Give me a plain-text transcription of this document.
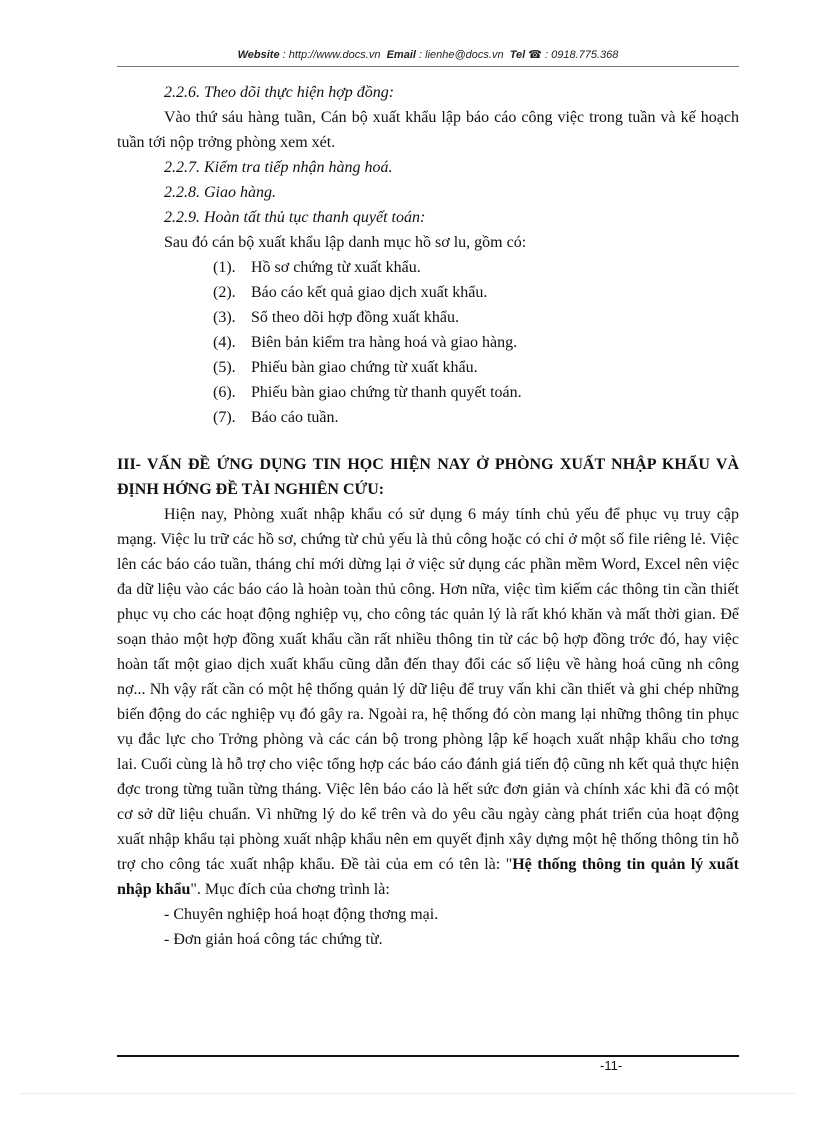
Website : http://www.docs.vn Email : lienhe@docs.vn Tel ☎ : 0918.775.368

2.2.6. Theo dõi thực hiện hợp đồng:

Vào thứ sáu hàng tuần, Cán bộ xuất khẩu lập báo cáo công việc trong tuần và kế hoạch tuần tới nộp trởng phòng xem xét.

2.2.7. Kiểm tra tiếp nhận hàng hoá.

2.2.8. Giao hàng.

2.2.9. Hoàn tất thủ tục thanh quyết toán:

Sau đó cán bộ xuất khẩu lập danh mục hồ sơ lu, gồm có:

(1). Hồ sơ chứng từ xuất khẩu.
(2). Báo cáo kết quả giao dịch xuất khẩu.
(3). Sổ theo dõi hợp đồng xuất khẩu.
(4). Biên bản kiểm tra hàng hoá và giao hàng.
(5). Phiếu bàn giao chứng từ xuất khẩu.
(6). Phiếu bàn giao chứng từ thanh quyết toán.
(7). Báo cáo tuần.

III- VẤN ĐỀ ỨNG DỤNG TIN HỌC HIỆN NAY Ở PHÒNG XUẤT NHẬP KHẨU VÀ ĐỊNH HỚNG ĐỀ TÀI NGHIÊN CỨU:

Hiện nay, Phòng xuất nhập khẩu có sử dụng 6 máy tính chủ yếu để phục vụ truy cập mạng. Việc lu trữ các hồ sơ, chứng từ chủ yếu là thủ công hoặc có chỉ ở một số file riêng lẻ. Việc lên các báo cáo tuần, tháng chỉ mới dừng lại ở việc sử dụng các phần mềm Word, Excel nên việc đa dữ liệu vào các báo cáo là hoàn toàn thủ công. Hơn nữa, việc tìm kiếm các thông tin cần thiết phục vụ cho các hoạt động nghiệp vụ, cho công tác quản lý là rất khó khăn và mất thời gian. Để soạn thảo một hợp đồng xuất khẩu cần rất nhiều thông tin từ các bộ hợp đồng trớc đó, hay việc hoàn tất một giao dịch xuất khẩu cũng dẫn đến thay đổi các số liệu về hàng hoá cũng nh công nợ... Nh vậy rất cần có một hệ thống quản lý dữ liệu để truy vấn khi cần thiết và ghi chép những biến động do các nghiệp vụ đó gây ra. Ngoài ra, hệ thống đó còn mang lại những thông tin phục vụ đắc lực cho Trởng phòng và các cán bộ trong phòng lập kế hoạch xuất nhập khẩu cho tơng lai. Cuối cùng là hỗ trợ cho việc tổng hợp các báo cáo đánh giá tiến độ cũng nh kết quả thực hiện đợc trong từng tuần từng tháng. Việc lên báo cáo là hết sức đơn giản và chính xác khi đã có một cơ sở dữ liệu chuẩn. Vì những lý do kể trên và do yêu cầu ngày càng phát triển của hoạt động xuất nhập khẩu tại phòng xuất nhập khẩu nên em quyết định xây dựng một hệ thống thông tin hỗ trợ cho công tác xuất nhập khẩu. Đề tài của em có tên là: "Hệ thống thông tin quản lý xuất nhập khẩu". Mục đích của chơng trình là:

- Chuyên nghiệp hoá hoạt động thơng mại.

- Đơn giản hoá công tác chứng từ.

-11-
